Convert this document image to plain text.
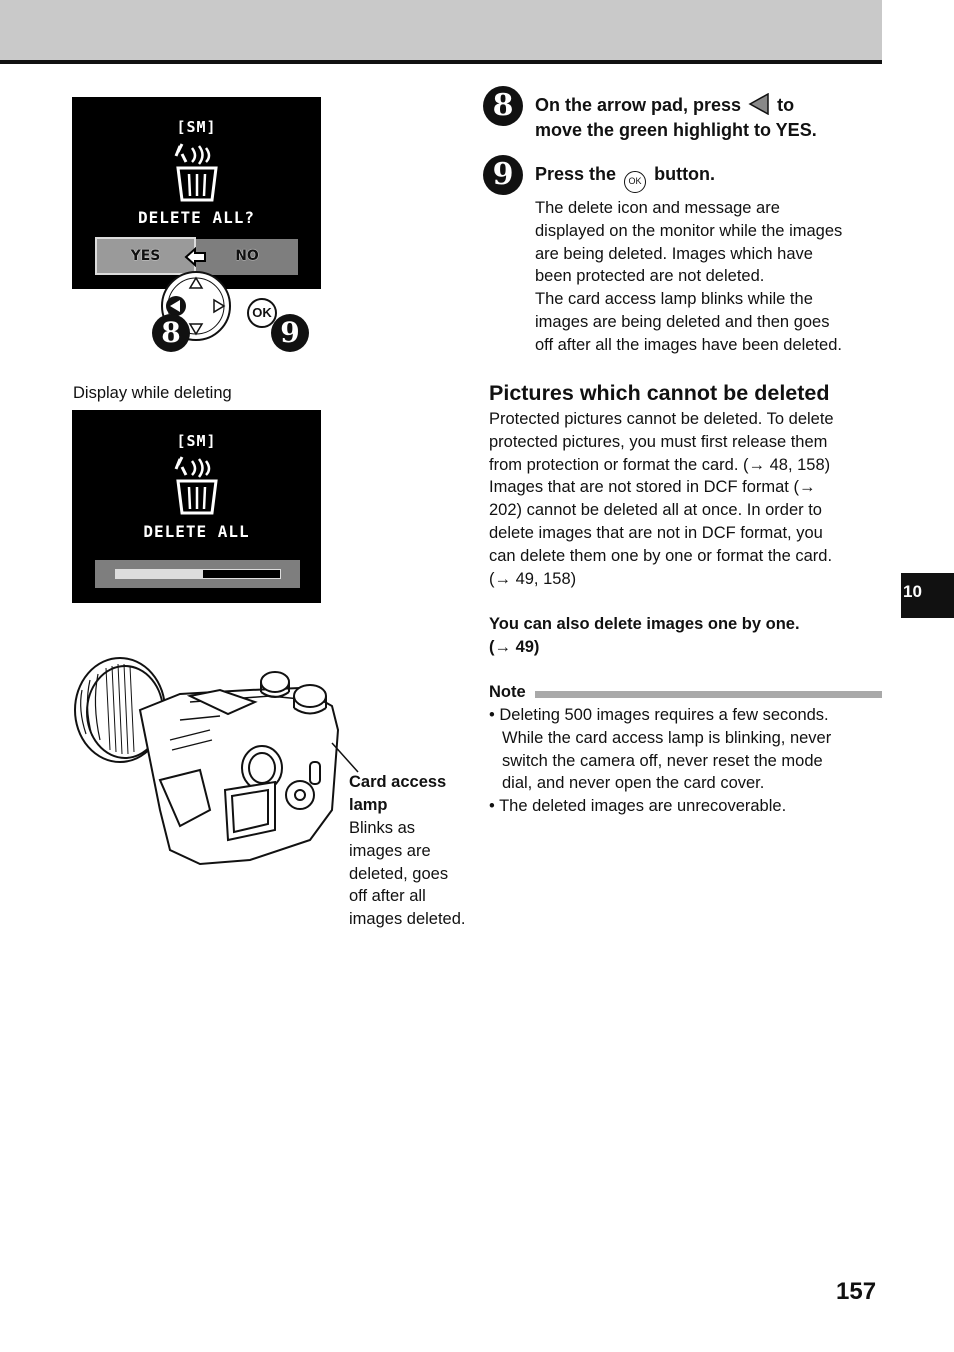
[SM]
DELETE ALL?
YES	NO
8
OK
9
Display while deleting
[SM]
DELETE ALL
Card access
lamp
Blinks as
images are
deleted, goes
off after all
images deleted.
8	On the arrow pad, press to
move the green highlight to YES.
9	Press the	OK button.
The delete icon and message are
displayed on the monitor while the images
are being deleted. Images which have
been protected are not deleted.
The card access lamp blinks while the
images are being deleted and then goes
off after all the images have been deleted.
Pictures which cannot be deleted
Protected pictures cannot be deleted. To delete
protected pictures, you must first release them
from protection or format the card. (→ 48, 158)
Images that are not stored in DCF format (→
202) cannot be deleted all at once. In order to
delete images that are not in DCF format, you
can delete them one by one or format the card.
(→ 49, 158)
You can also delete images one by one.
(→ 49)
Note
• Deleting 500 images requires a few seconds.
While the card access lamp is blinking, never
switch the camera off, never reset the mode
dial, and never open the card cover.
• The deleted images are unrecoverable.
10
157
